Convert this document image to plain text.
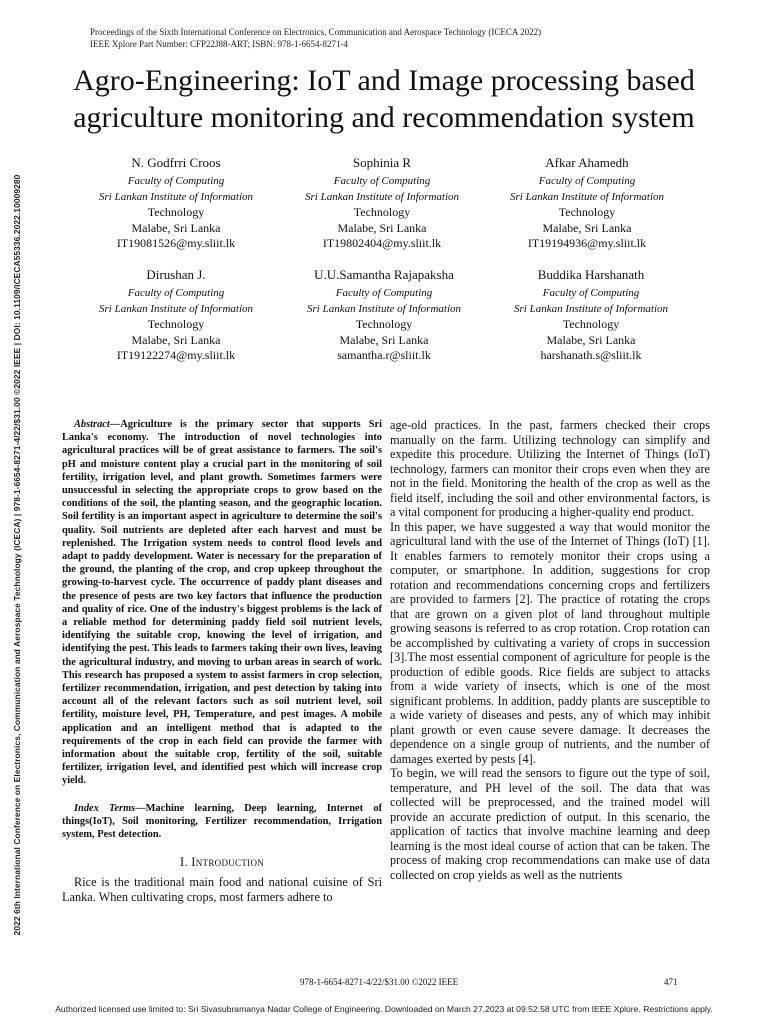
Proceedings of the Sixth International Conference on Electronics, Communication and Aerospace Technology (ICECA 2022)
IEEE Xplore Part Number: CFP22J88-ART; ISBN: 978-1-6654-8271-4
2022 6th International Conference on Electronics, Communication and Aerospace Technology (ICECA) | 978-1-6654-8271-4/22/$31.00 ©2022 IEEE | DOI: 10.1109/ICECA55336.2022.10009280
Agro-Engineering: IoT and Image processing based
agriculture monitoring and recommendation system
N. Godfrri Croos
Faculty of Computing
Sri Lankan Institute of Information
Technology
Malabe, Sri Lanka
IT19081526@my.sliit.lk
Sophinia R
Faculty of Computing
Sri Lankan Institute of Information
Technology
Malabe, Sri Lanka
IT19802404@my.sliit.lk
Afkar Ahamedh
Faculty of Computing
Sri Lankan Institute of Information
Technology
Malabe, Sri Lanka
IT19194936@my.sliit.lk
Dirushan J.
Faculty of Computing
Sri Lankan Institute of Information
Technology
Malabe, Sri Lanka
IT19122274@my.sliit.lk
U.U.Samantha Rajapaksha
Faculty of Computing
Sri Lankan Institute of Information
Technology
Malabe, Sri Lanka
samantha.r@sliit.lk
Buddika Harshanath
Faculty of Computing
Sri Lankan Institute of Information
Technology
Malabe, Sri Lanka
harshanath.s@sliit.lk

Abstract—Agriculture is the primary sector that supports Sri Lanka's economy. The introduction of novel technologies into agricultural practices will be of great assistance to farmers. The soil's pH and moisture content play a crucial part in the monitoring of soil fertility, irrigation level, and plant growth. Sometimes farmers were unsuccessful in selecting the appropriate crops to grow based on the conditions of the soil, the planting season, and the geographic location. Soil fertility is an important aspect in agriculture to determine the soil's quality. Soil nutrients are depleted after each harvest and must be replenished. The Irrigation system needs to control flood levels and adapt to paddy development. Water is necessary for the preparation of the ground, the planting of the crop, and crop upkeep throughout the growing-to-harvest cycle. The occurrence of paddy plant diseases and the presence of pests are two key factors that influence the production and quality of rice. One of the industry's biggest problems is the lack of a reliable method for determining paddy field soil nutrient levels, identifying the suitable crop, knowing the level of irrigation, and identifying the pest. This leads to farmers taking their own lives, leaving the agricultural industry, and moving to urban areas in search of work. This research has proposed a system to assist farmers in crop selection, fertilizer recommendation, irrigation, and pest detection by taking into account all of the relevant factors such as soil nutrient level, soil fertility, moisture level, PH, Temperature, and pest images. A mobile application and an intelligent method that is adapted to the requirements of the crop in each field can provide the farmer with information about the suitable crop, fertility of the soil, suitable fertilizer, irrigation level, and identified pest which will increase crop yield.

Index Terms—Machine learning, Deep learning, Internet of things(IoT), Soil monitoring, Fertilizer recommendation, Irrigation system, Pest detection.

I. Introduction

Rice is the traditional main food and national cuisine of Sri Lanka. When cultivating crops, most farmers adhere to

age-old practices. In the past, farmers checked their crops manually on the farm. Utilizing technology can simplify and expedite this procedure. Utilizing the Internet of Things (IoT) technology, farmers can monitor their crops even when they are not in the field. Monitoring the health of the crop as well as the field itself, including the soil and other environmental factors, is a vital component for producing a higher-quality end product.

In this paper, we have suggested a way that would monitor the agricultural land with the use of the Internet of Things (IoT) [1]. It enables farmers to remotely monitor their crops using a computer, or smartphone. In addition, suggestions for crop rotation and recommendations concerning crops and fertilizers are provided to farmers [2]. The practice of rotating the crops that are grown on a given plot of land throughout multiple growing seasons is referred to as crop rotation. Crop rotation can be accomplished by cultivating a variety of crops in succession [3].The most essential component of agriculture for people is the production of edible goods. Rice fields are subject to attacks from a wide variety of insects, which is one of the most significant problems. In addition, paddy plants are susceptible to a wide variety of diseases and pests, any of which may inhibit plant growth or even cause severe damage. It decreases the dependence on a single group of nutrients, and the number of damages exerted by pests [4].

To begin, we will read the sensors to figure out the type of soil, temperature, and PH level of the soil. The data that was collected will be preprocessed, and the trained model will provide an accurate prediction of output. In this scenario, the application of tactics that involve machine learning and deep learning is the most ideal course of action that can be taken. The process of making crop recommendations can make use of data collected on crop yields as well as the nutrients

978-1-6654-8271-4/22/$31.00 ©2022 IEEE	471
Authorized licensed use limited to: Sri Sivasubramanya Nadar College of Engineering. Downloaded on March 27,2023 at 09:52:58 UTC from IEEE Xplore. Restrictions apply.
